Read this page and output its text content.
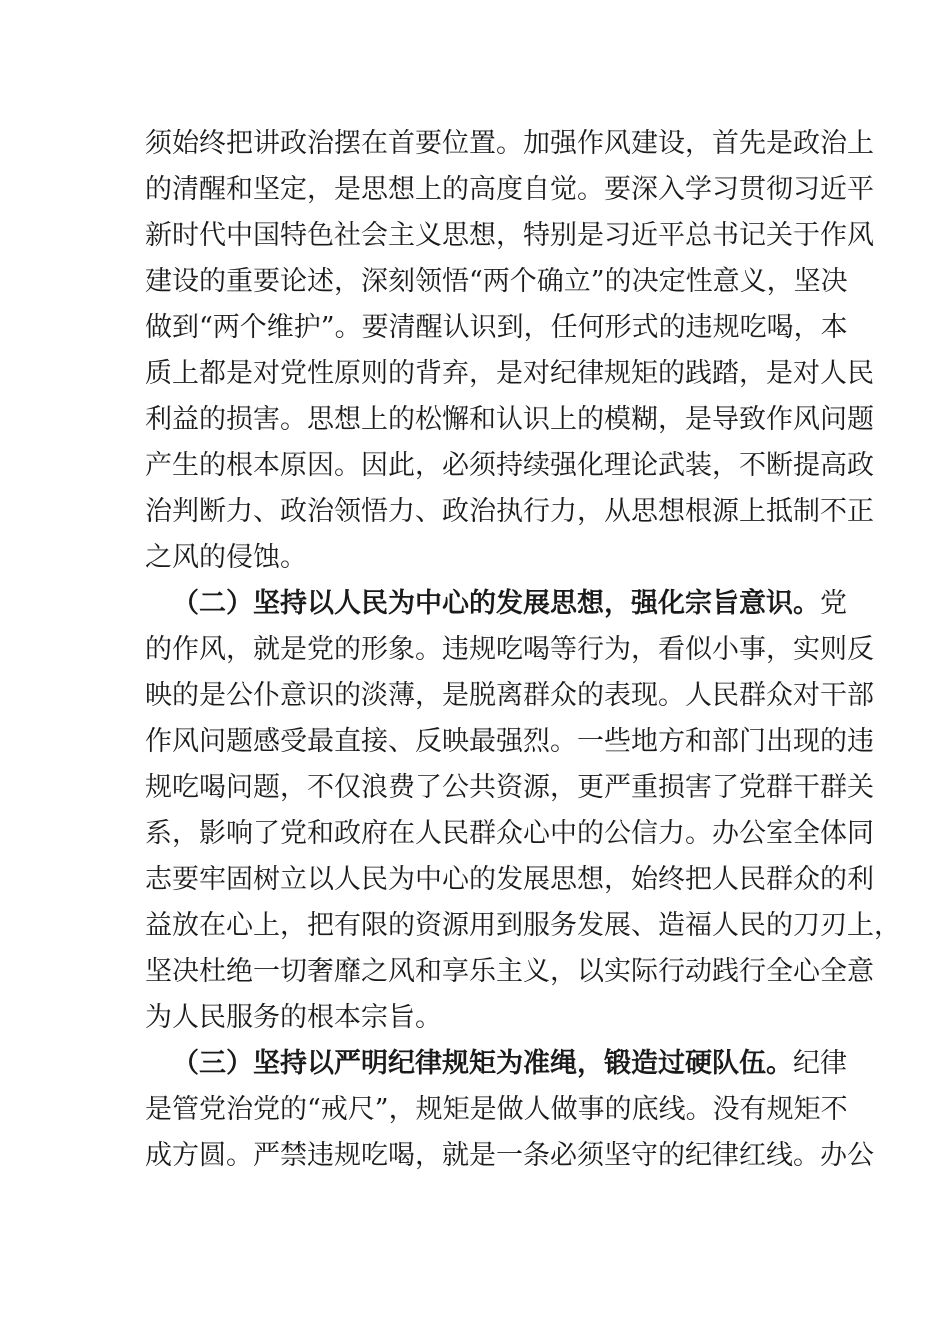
须始终把讲政治摆在首要位置。加强作风建设，首先是政治上
的清醒和坚定，是思想上的高度自觉。要深入学习贯彻习近平
新时代中国特色社会主义思想，特别是习近平总书记关于作风
建设的重要论述，深刻领悟“两个确立”的决定性意义，坚决
做到“两个维护”。要清醒认识到，任何形式的违规吃喝，本
质上都是对党性原则的背弃，是对纪律规矩的践踏，是对人民
利益的损害。思想上的松懈和认识上的模糊，是导致作风问题
产生的根本原因。因此，必须持续强化理论武装，不断提高政
治判断力、政治领悟力、政治执行力，从思想根源上抵制不正
之风的侵蚀。
（二）坚持以人民为中心的发展思想，强化宗旨意识。党
的作风，就是党的形象。违规吃喝等行为，看似小事，实则反
映的是公仆意识的淡薄，是脱离群众的表现。人民群众对干部
作风问题感受最直接、反映最强烈。一些地方和部门出现的违
规吃喝问题，不仅浪费了公共资源，更严重损害了党群干群关
系，影响了党和政府在人民群众心中的公信力。办公室全体同
志要牢固树立以人民为中心的发展思想，始终把人民群众的利
益放在心上，把有限的资源用到服务发展、造福人民的刀刃上，
坚决杜绝一切奢靡之风和享乐主义，以实际行动践行全心全意
为人民服务的根本宗旨。
（三）坚持以严明纪律规矩为准绳，锻造过硬队伍。纪律
是管党治党的“戒尺”，规矩是做人做事的底线。没有规矩不
成方圆。严禁违规吃喝，就是一条必须坚守的纪律红线。办公
